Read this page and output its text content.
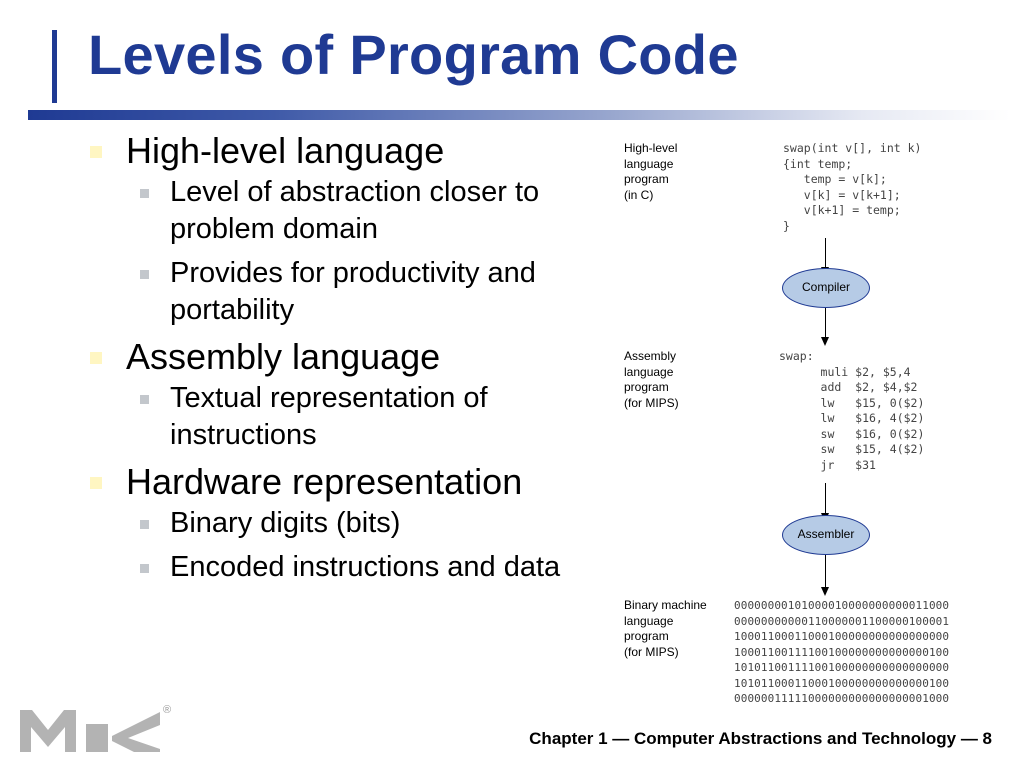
Levels of Program Code
High-level language
Level of abstraction closer to problem domain
Provides for productivity and portability
Assembly language
Textual representation of instructions
Hardware representation
Binary digits (bits)
Encoded instructions and data
High-level
language
program
(in C)
swap(int v[], int k)
{int temp;
temp = v[k];
v[k] = v[k+1];
v[k+1] = temp;
}
Compiler
Assembly
language
program
(for MIPS)
swap:
muli $2, $5,4
add  $2, $4,$2
lw   $15, 0($2)
lw   $16, 4($2)
sw   $16, 0($2)
sw   $15, 4($2)
jr   $31
Assembler
Binary machine
language
program
(for MIPS)
00000000101000010000000000011000
00000000000110000001100000100001
10001100011000100000000000000000
10001100111100100000000000000100
10101100111100100000000000000000
10101100011000100000000000000100
00000011111000000000000000001000
®
Chapter 1 — Computer Abstractions and Technology — 8
